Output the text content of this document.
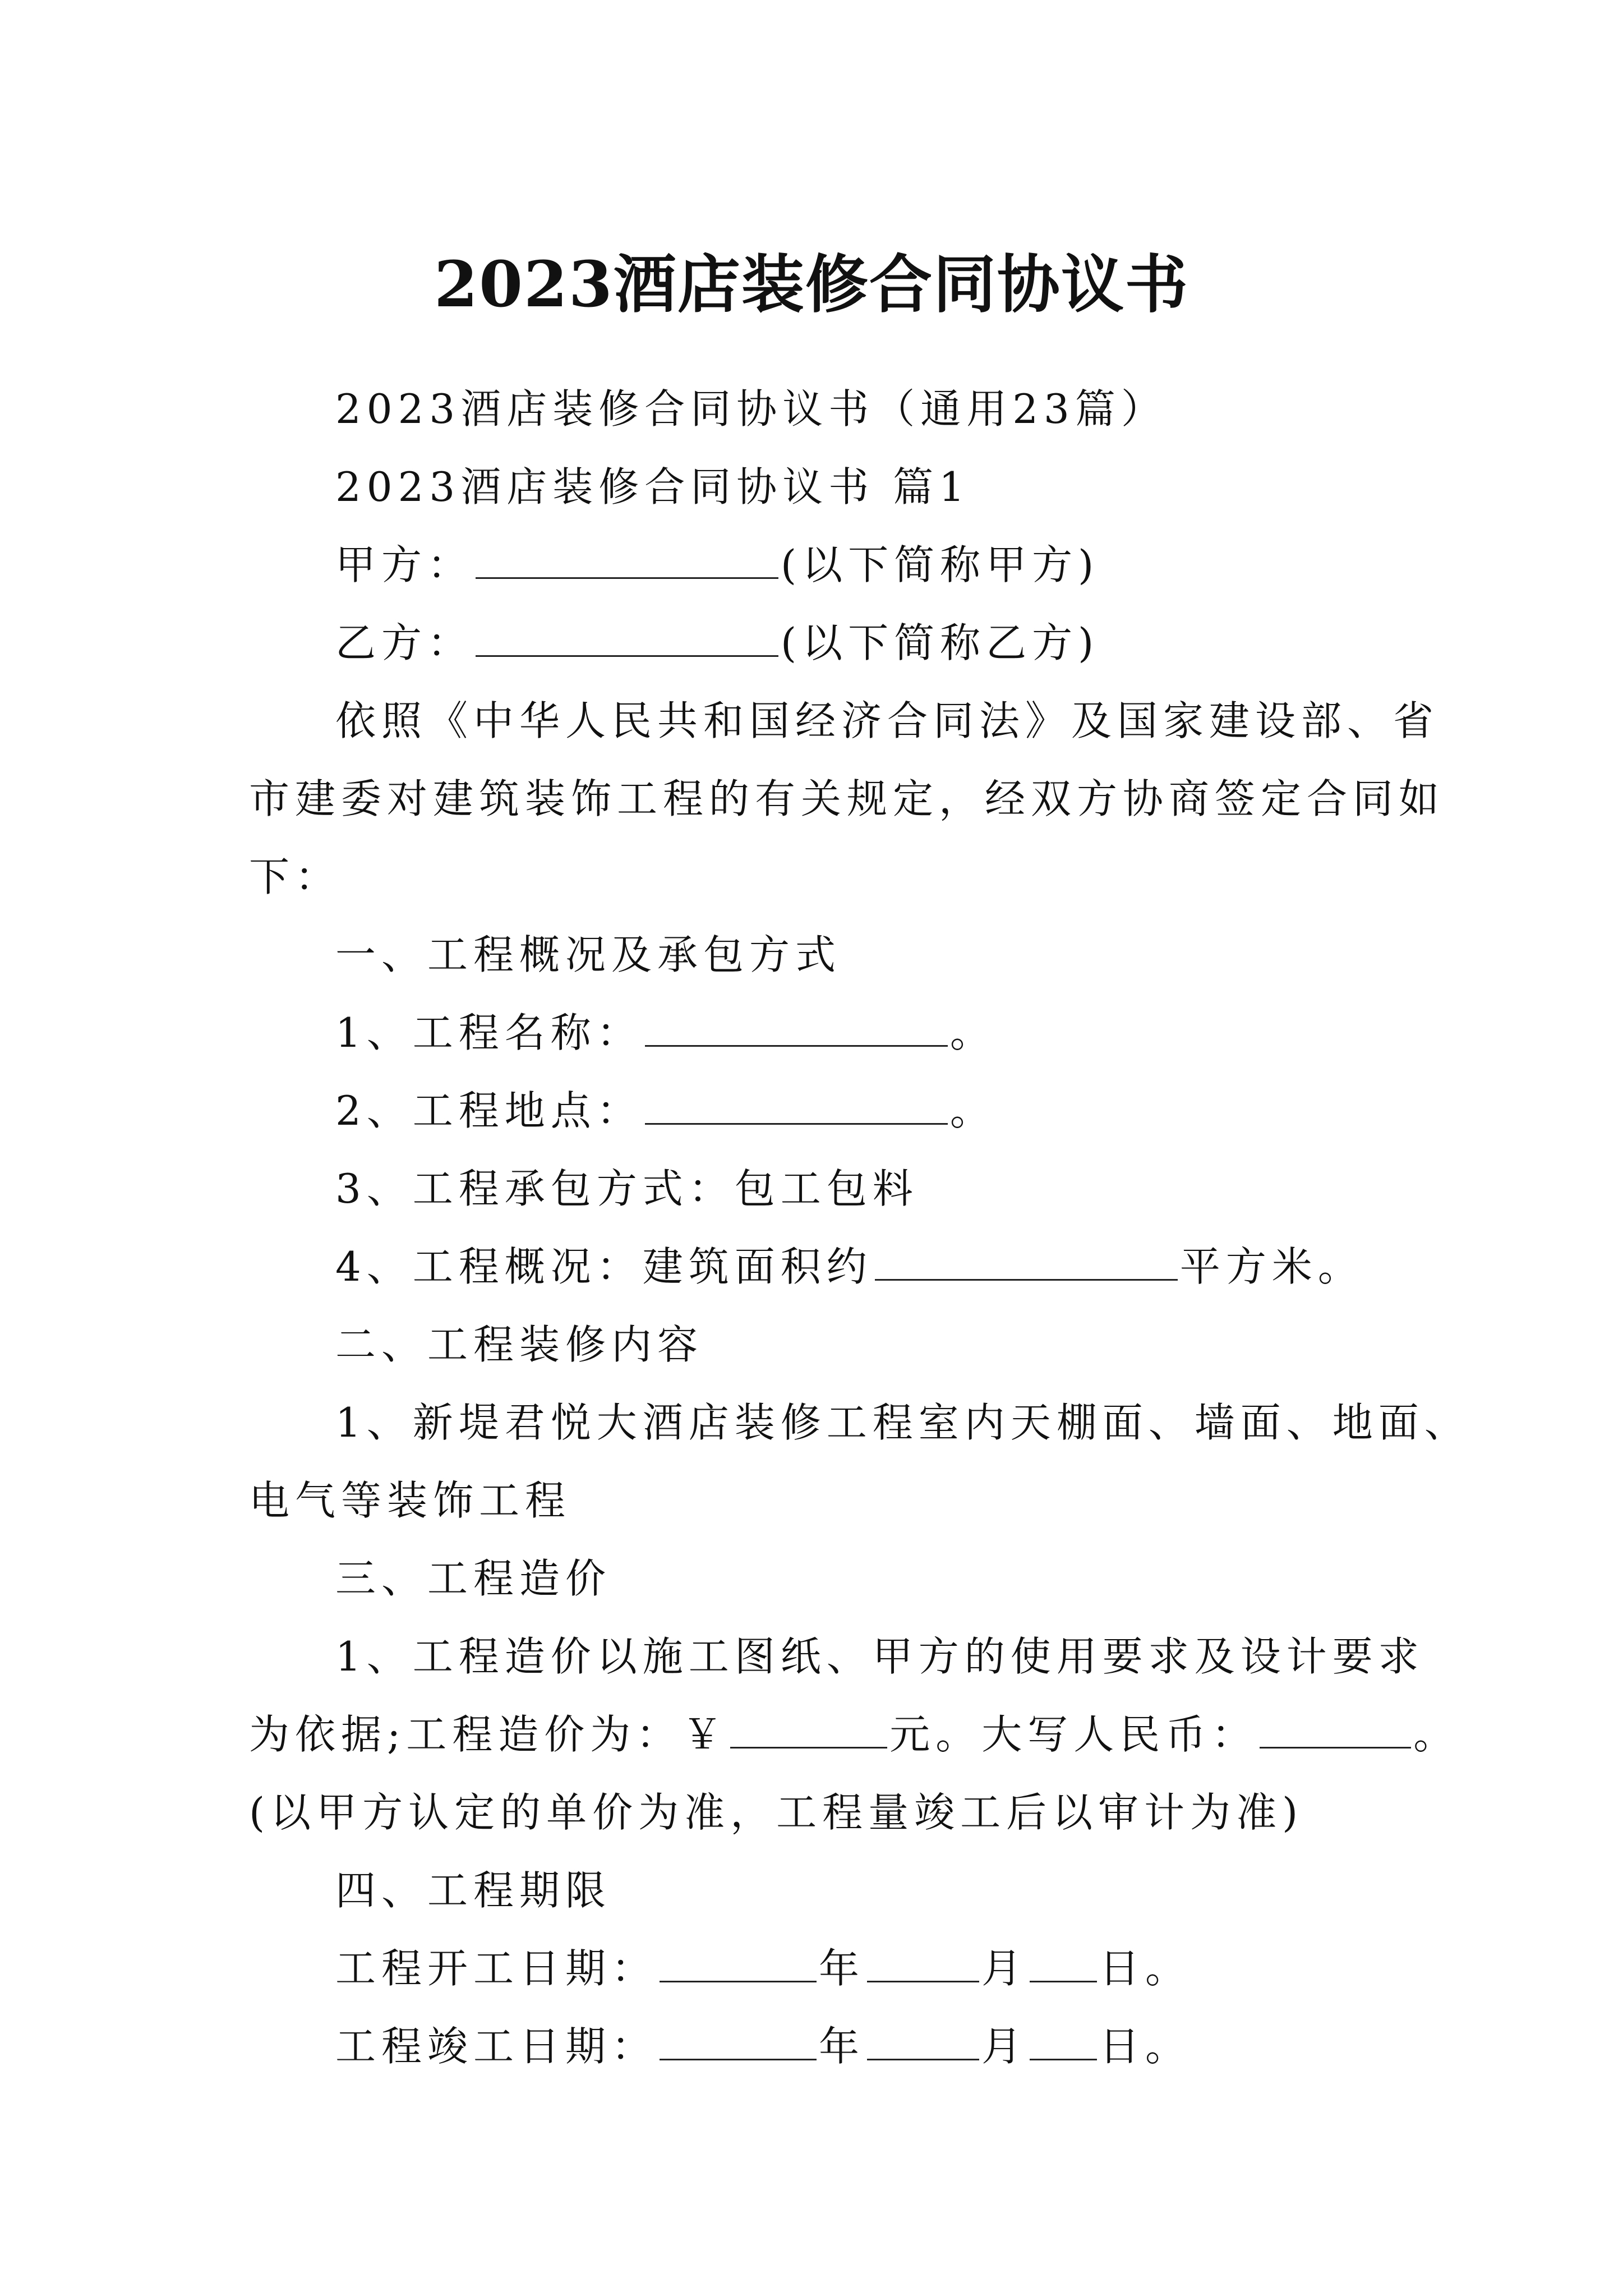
2023酒店装修合同协议书

2023酒店装修合同协议书（通用23篇）

2023酒店装修合同协议书 篇1

甲方：	(以下简称甲方)

乙方：	(以下简称乙方)

依照《中华人民共和国经济合同法》及国家建设部、省

市建委对建筑装饰工程的有关规定，经双方协商签定合同如

下：

一、工程概况及承包方式

1、工程名称：	。

2、工程地点：	。

3、工程承包方式：包工包料

4、工程概况：建筑面积约	平方米。

二、工程装修内容

1、新堤君悦大酒店装修工程室内天棚面、墙面、地面、

电气等装饰工程

三、工程造价

1、工程造价以施工图纸、甲方的使用要求及设计要求

为依据;工程造价为：￥	元。大写人民币：	。

(以甲方认定的单价为准，工程量竣工后以审计为准)

四、工程期限

工程开工日期：	年	月 日。

工程竣工日期：	年	月 日。
